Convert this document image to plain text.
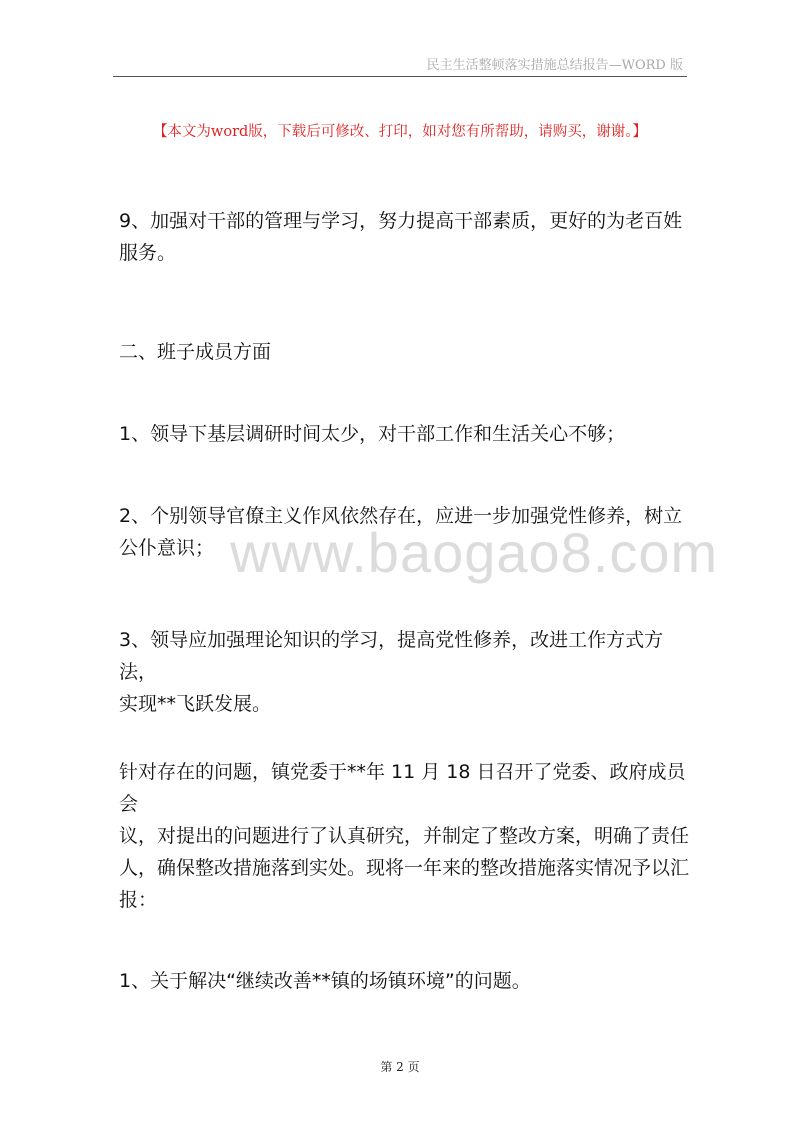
民主生活整顿落实措施总结报告—WORD 版
【本文为word版，下载后可修改、打印，如对您有所帮助，请购买，谢谢。】
www.baogao8.com
9、加强对干部的管理与学习，努力提高干部素质，更好的为老百姓
服务。
二、班子成员方面
1、领导下基层调研时间太少，对干部工作和生活关心不够；
2、个别领导官僚主义作风依然存在，应进一步加强党性修养，树立
公仆意识；
3、领导应加强理论知识的学习，提高党性修养，改进工作方式方法，
实现**飞跃发展。
针对存在的问题，镇党委于**年 11 月 18 日召开了党委、政府成员会
议，对提出的问题进行了认真研究，并制定了整改方案，明确了责任
人，确保整改措施落到实处。现将一年来的整改措施落实情况予以汇
报：
1、关于解决“继续改善**镇的场镇环境”的问题。
第 2 页
